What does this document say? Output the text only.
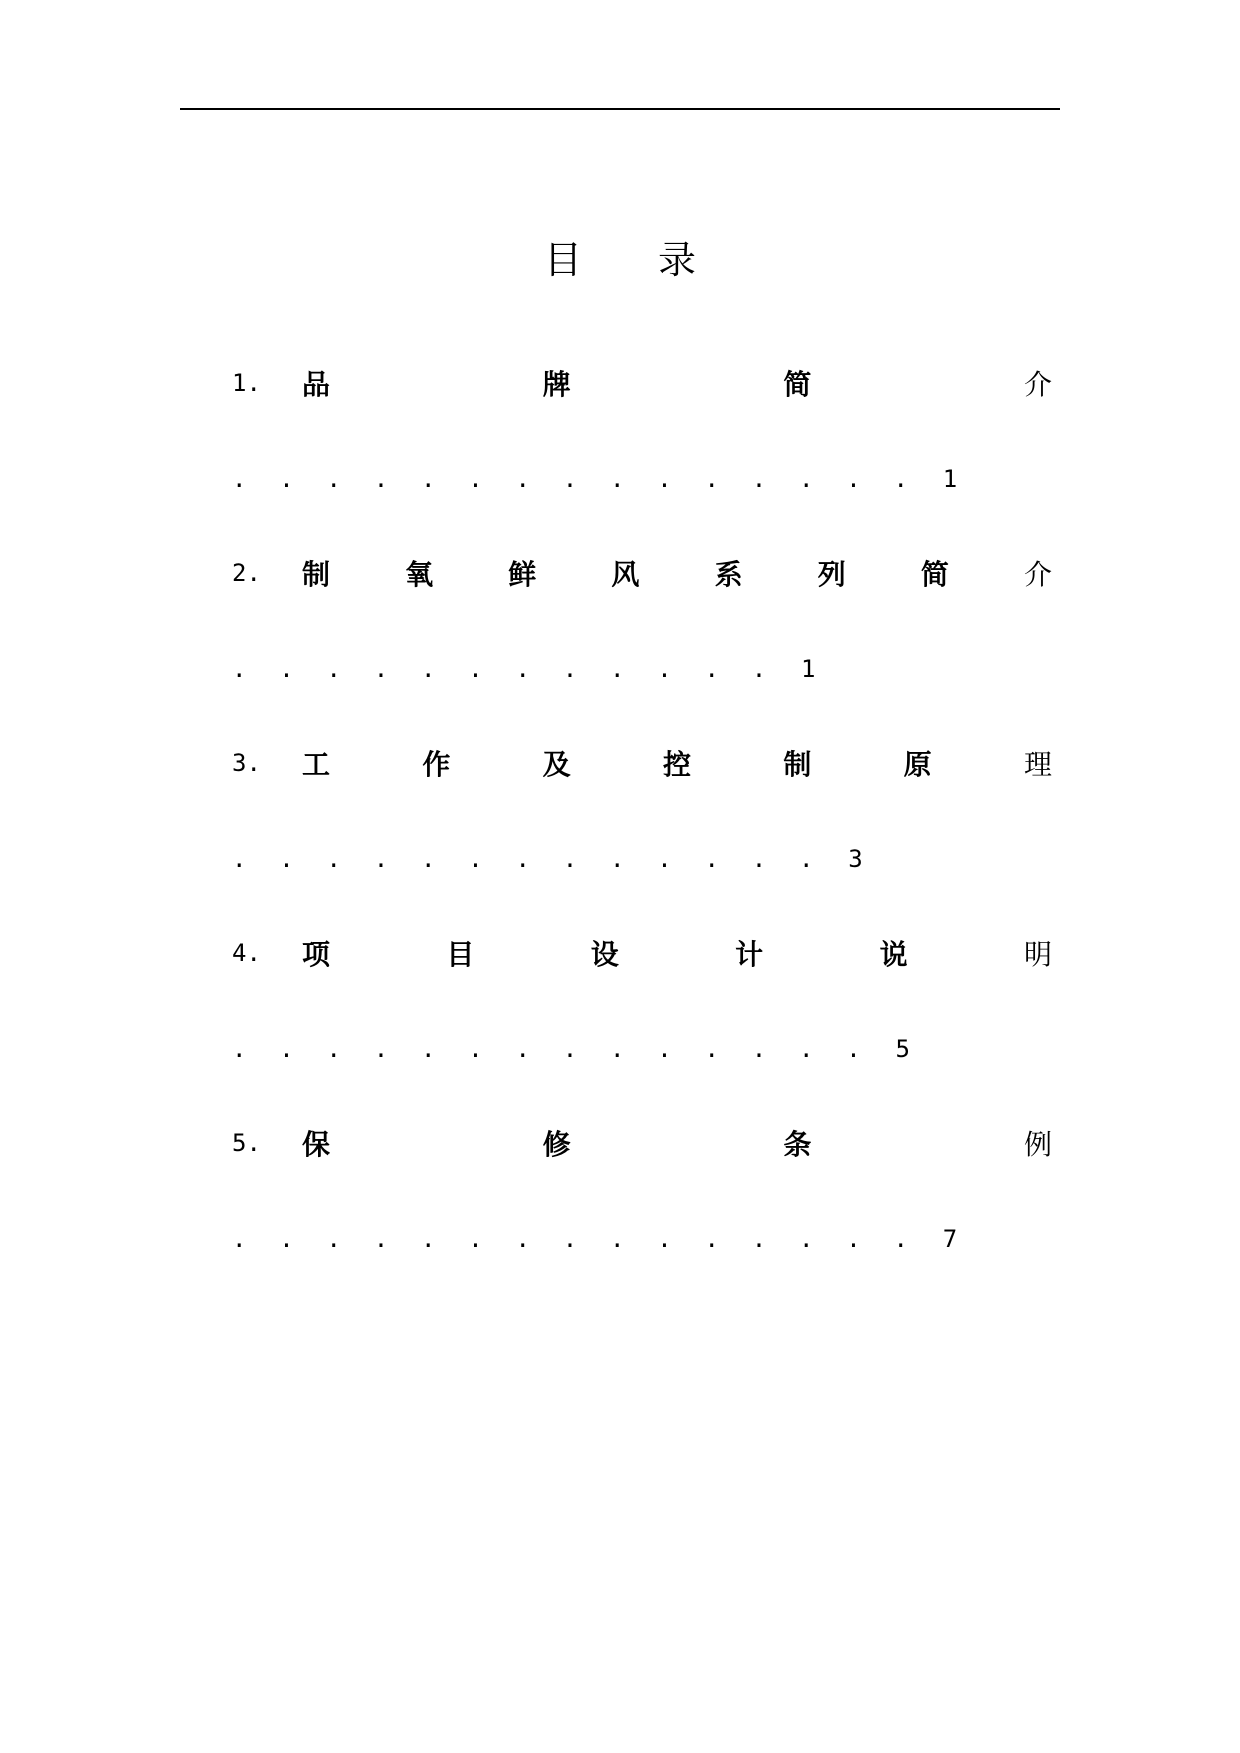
目 录
1.	品	牌	简	介
............... 1
2.	制	氧	鲜	风	系	列	简	介
............ 1
3.	工	作	及	控	制	原	理
............. 3
4.	项	目	设	计	说	明
.............. 5
5.	保	修	条	例
............... 7
